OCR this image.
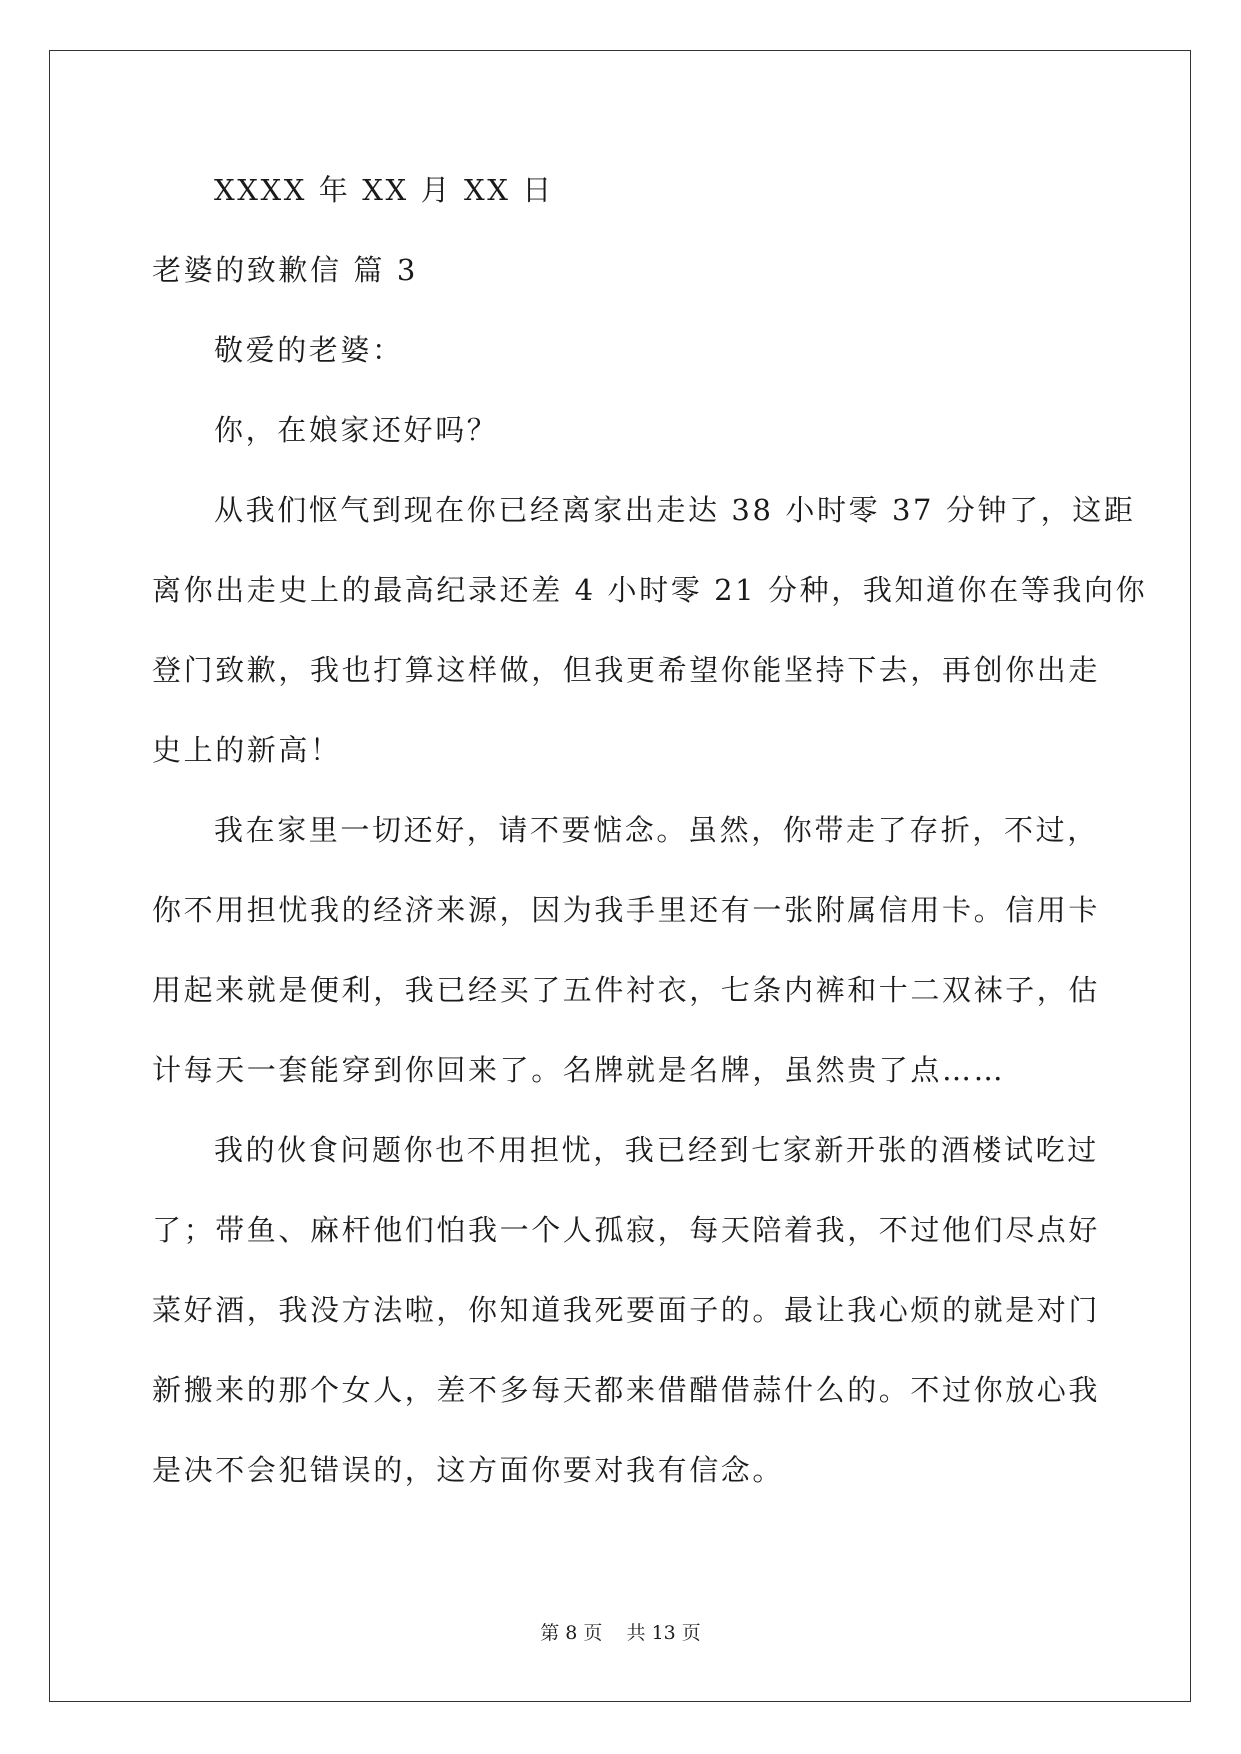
XXXX 年 XX 月 XX 日
老婆的致歉信 篇 3
敬爱的老婆：
你，在娘家还好吗？
从我们怄气到现在你已经离家出走达 38 小时零 37 分钟了，这距
离你出走史上的最高纪录还差 4 小时零 21 分种，我知道你在等我向你
登门致歉，我也打算这样做，但我更希望你能坚持下去，再创你出走
史上的新高！
我在家里一切还好，请不要惦念。虽然，你带走了存折，不过，
你不用担忧我的经济来源，因为我手里还有一张附属信用卡。信用卡
用起来就是便利，我已经买了五件衬衣，七条内裤和十二双袜子，估
计每天一套能穿到你回来了。名牌就是名牌，虽然贵了点……
我的伙食问题你也不用担忧，我已经到七家新开张的酒楼试吃过
了；带鱼、麻杆他们怕我一个人孤寂，每天陪着我，不过他们尽点好
菜好酒，我没方法啦，你知道我死要面子的。最让我心烦的就是对门
新搬来的那个女人，差不多每天都来借醋借蒜什么的。不过你放心我
是决不会犯错误的，这方面你要对我有信念。
第 8 页    共 13 页
